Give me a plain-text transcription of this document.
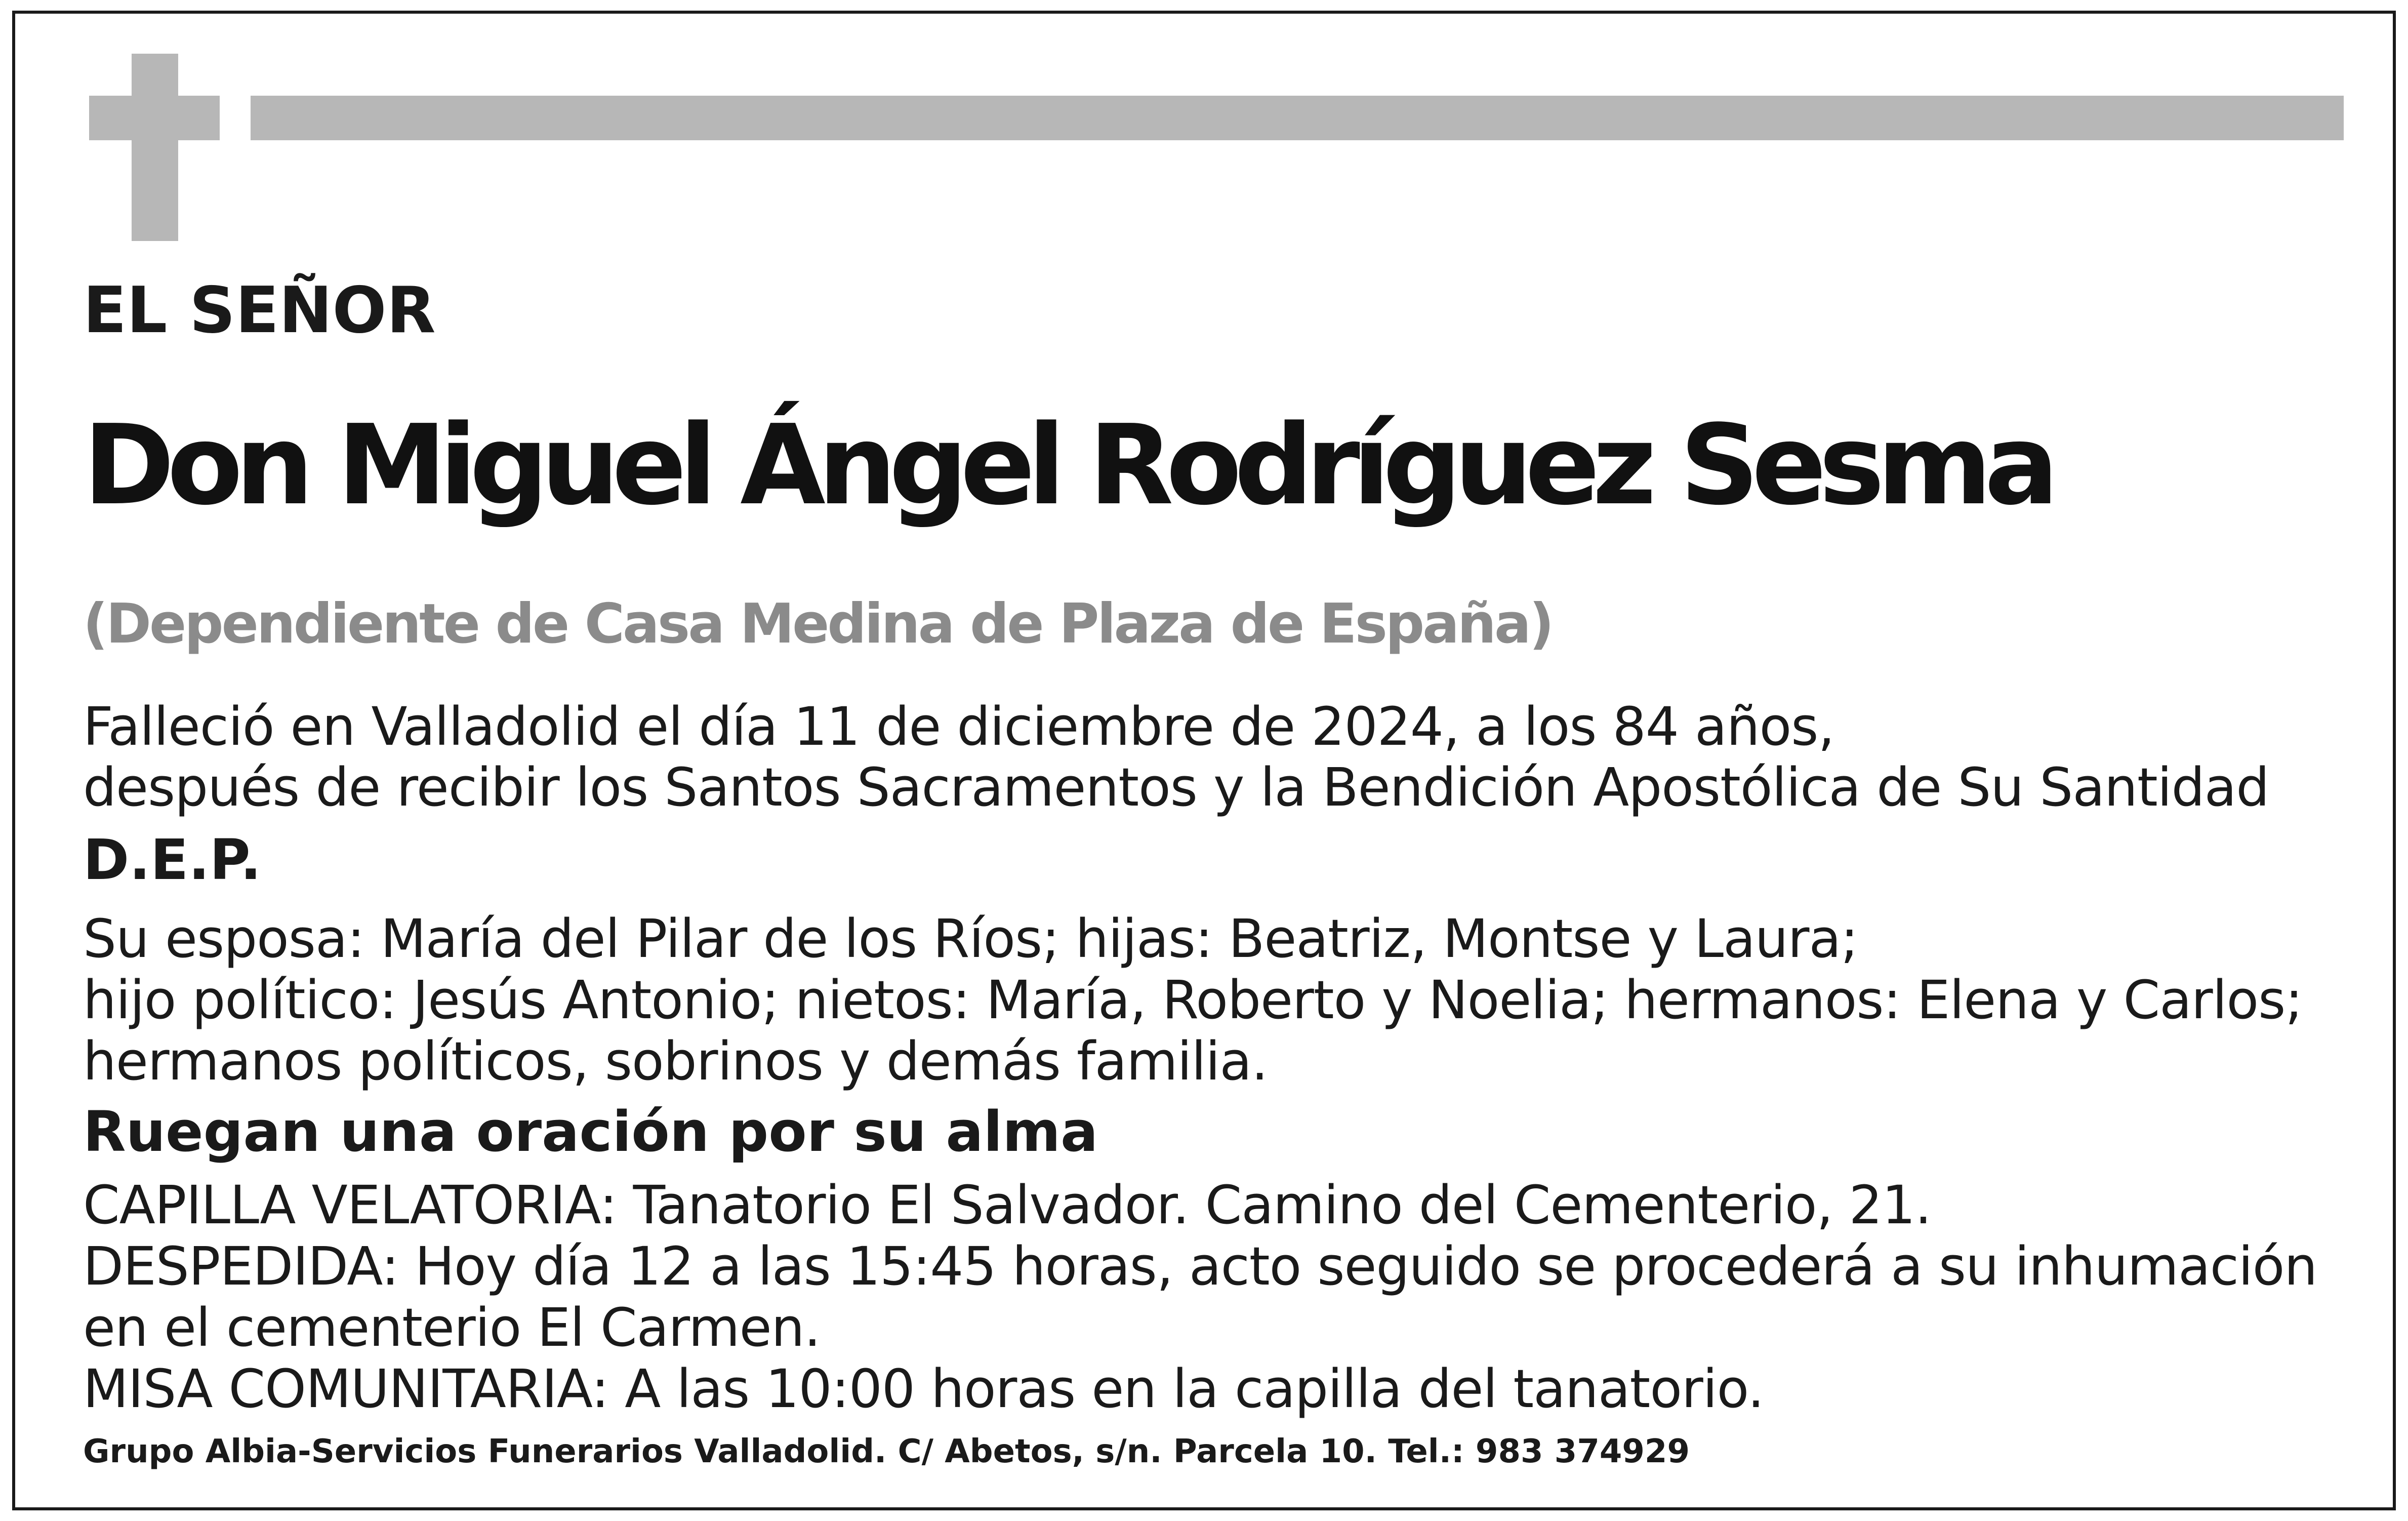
EL SEÑOR
Don Miguel Ángel Rodríguez Sesma
(Dependiente de Casa Medina de Plaza de España)
Falleció en Valladolid el día 11 de diciembre de 2024, a los 84 años,
después de recibir los Santos Sacramentos y la Bendición Apostólica de Su Santidad
D.E.P.
Su esposa: María del Pilar de los Ríos; hijas: Beatriz, Montse y Laura;
hijo político: Jesús Antonio; nietos: María, Roberto y Noelia; hermanos: Elena y Carlos;
hermanos políticos, sobrinos y demás familia.
Ruegan una oración por su alma
CAPILLA VELATORIA: Tanatorio El Salvador. Camino del Cementerio, 21.
DESPEDIDA: Hoy día 12 a las 15:45 horas, acto seguido se procederá a su inhumación
en el cementerio El Carmen.
MISA COMUNITARIA: A las 10:00 horas en la capilla del tanatorio.
Grupo Albia-Servicios Funerarios Valladolid. C/ Abetos, s/n. Parcela 10. Tel.: 983 374929
